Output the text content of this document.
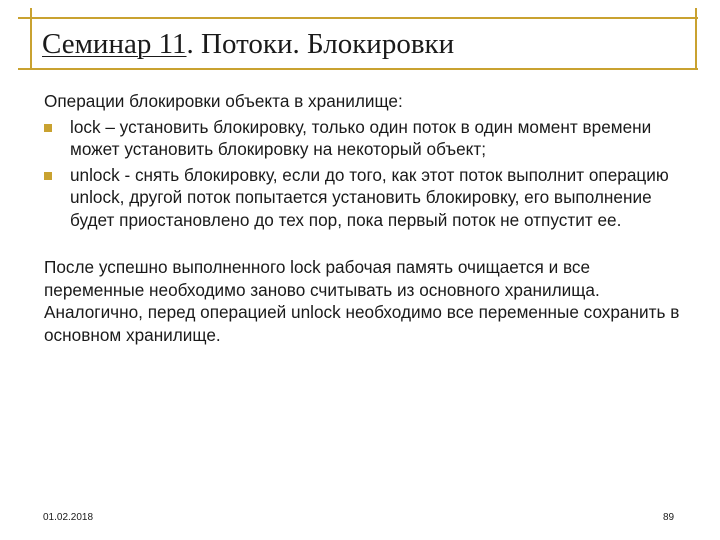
Семинар 11. Потоки. Блокировки

Операции блокировки объекта в хранилище:

lock – установить блокировку, только один поток в один момент времени может установить блокировку на некоторый объект;
unlock - снять блокировку, если до того, как этот поток выполнит операцию unlock, другой поток попытается установить блокировку, его выполнение будет приостановлено до тех пор, пока первый поток не отпустит ее.

После успешно выполненного lock рабочая память очищается и все переменные необходимо заново считывать из основного хранилища. Аналогично, перед операцией unlock необходимо все переменные сохранить в основном хранилище.

01.02.2018	89
